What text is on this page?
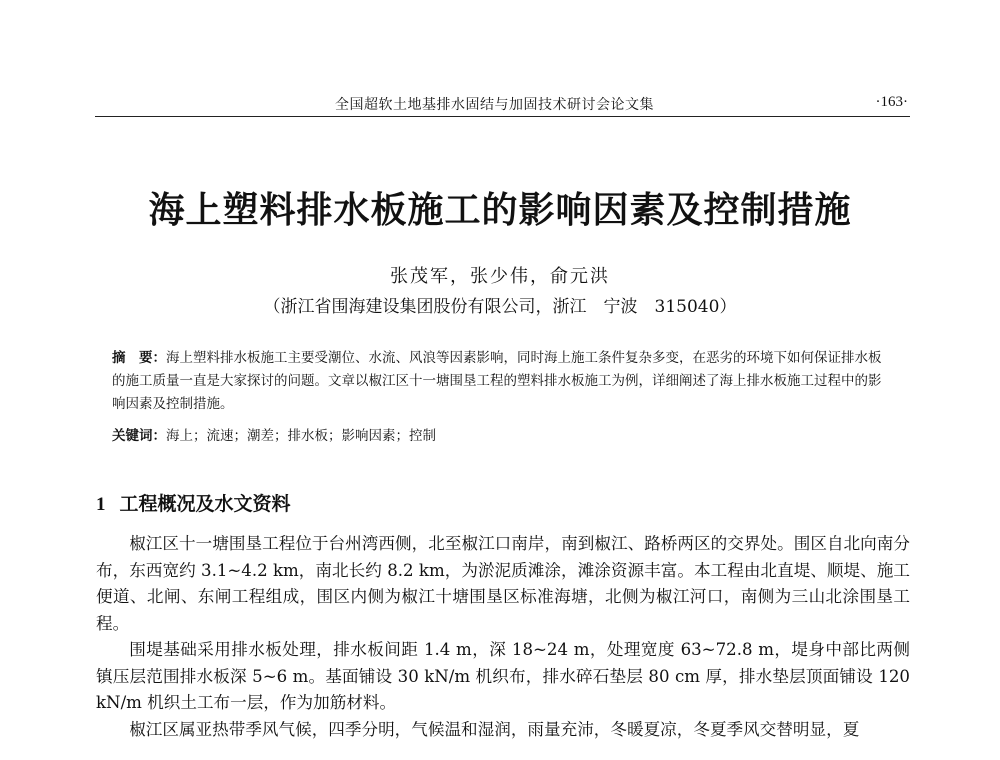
全国超软土地基排水固结与加固技术研讨会论文集	·163·
海上塑料排水板施工的影响因素及控制措施
张茂军，张少伟，俞元洪
（浙江省围海建设集团股份有限公司，浙江　宁波　315040）
摘　要：海上塑料排水板施工主要受潮位、水流、风浪等因素影响，同时海上施工条件复杂多变，在恶劣的环境下如何保证排水板的施工质量一直是大家探讨的问题。文章以椒江区十一塘围垦工程的塑料排水板施工为例，详细阐述了海上排水板施工过程中的影响因素及控制措施。
关键词：海上；流速；潮差；排水板；影响因素；控制
1 工程概况及水文资料

椒江区十一塘围垦工程位于台州湾西侧，北至椒江口南岸，南到椒江、路桥两区的交界处。围区自北向南分布，东西宽约 3.1~4.2 km，南北长约 8.2 km，为淤泥质滩涂，滩涂资源丰富。本工程由北直堤、顺堤、施工便道、北闸、东闸工程组成，围区内侧为椒江十塘围垦区标准海塘，北侧为椒江河口，南侧为三山北涂围垦工程。

围堤基础采用排水板处理，排水板间距 1.4 m，深 18~24 m，处理宽度 63~72.8 m，堤身中部比两侧镇压层范围排水板深 5~6 m。基面铺设 30 kN/m 机织布，排水碎石垫层 80 cm 厚，排水垫层顶面铺设 120 kN/m 机织土工布一层，作为加筋材料。

椒江区属亚热带季风气候，四季分明，气候温和湿润，雨量充沛，冬暖夏凉，冬夏季风交替明显，夏
